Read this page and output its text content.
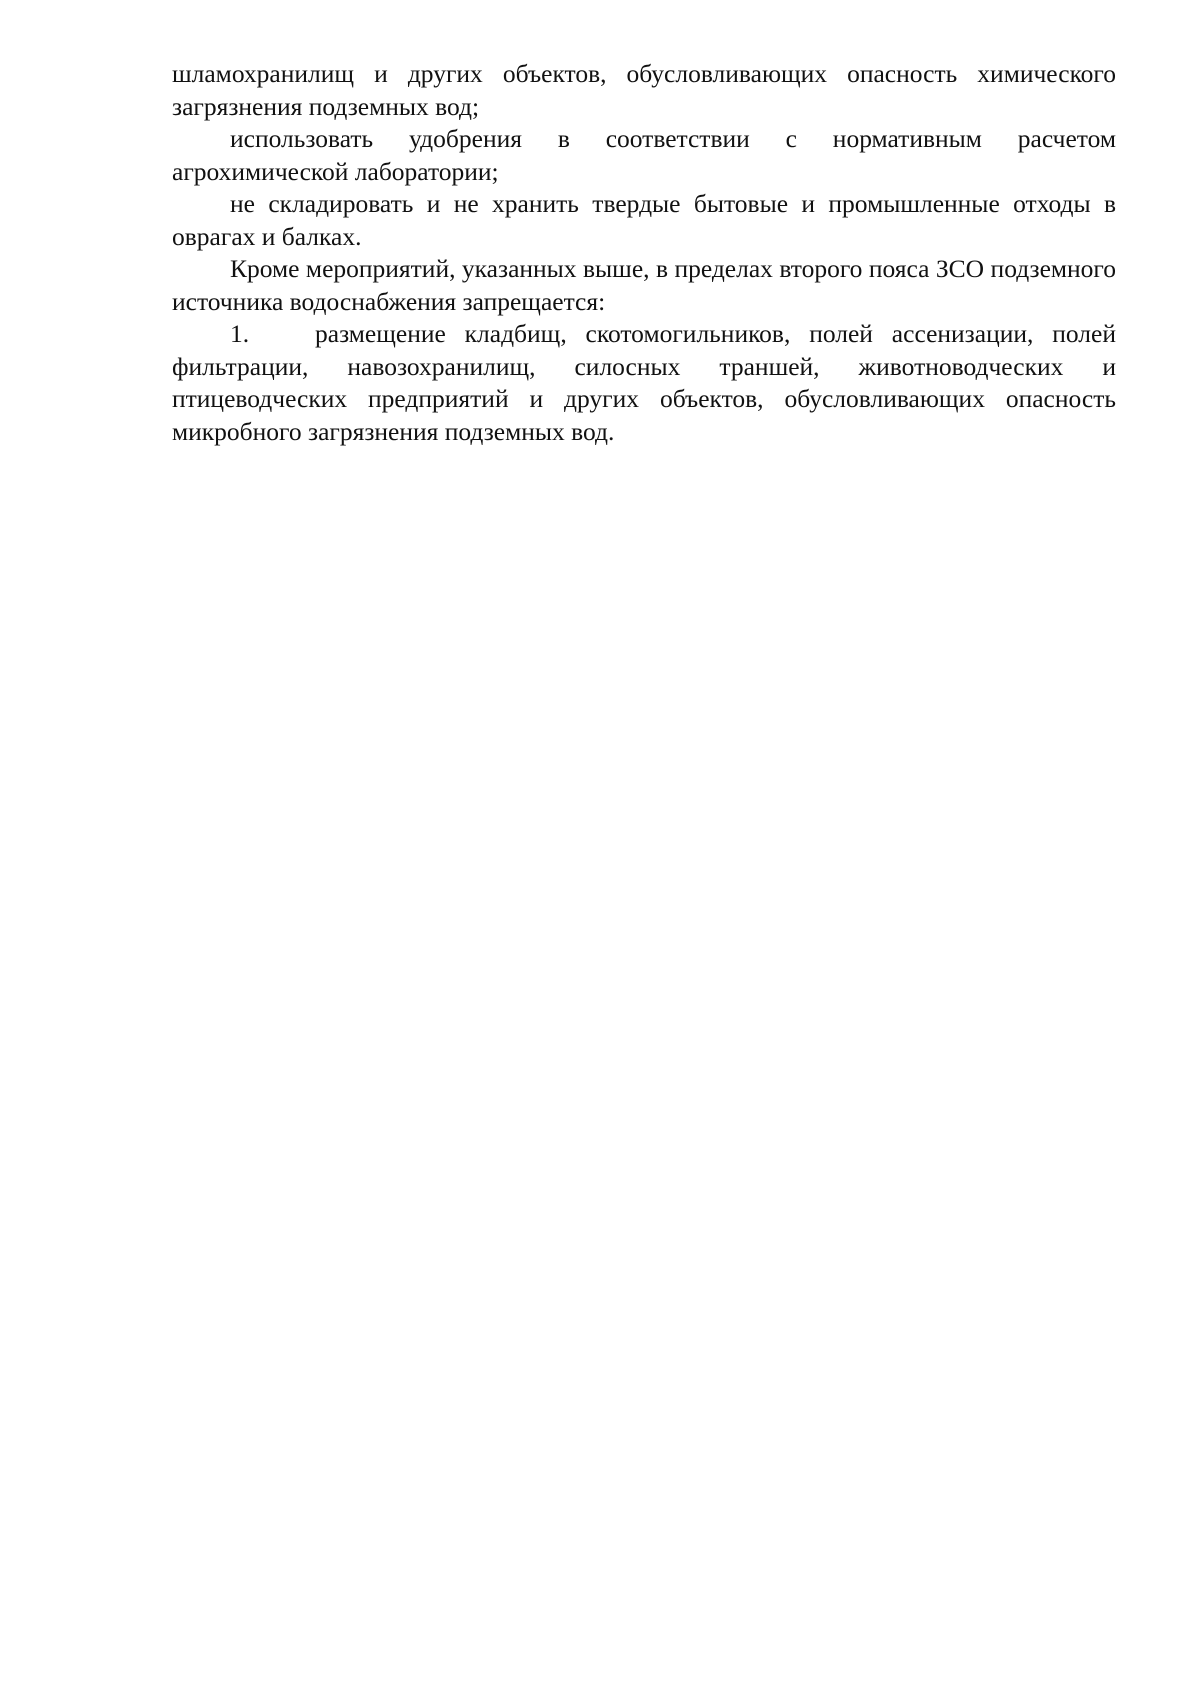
шламохранилищ и других объектов, обусловливающих опасность химического загрязнения подземных вод;

использовать удобрения в соответствии с нормативным расчетом агрохимической лаборатории;

не складировать и не хранить твердые бытовые и промышленные отходы в оврагах и балках.

Кроме мероприятий, указанных выше, в пределах второго пояса ЗСО подземного источника водоснабжения запрещается:

1.	размещение кладбищ, скотомогильников, полей ассенизации, полей фильтрации, навозохранилищ, силосных траншей, животноводческих и птицеводческих предприятий и других объектов, обусловливающих опасность микробного загрязнения подземных вод.
